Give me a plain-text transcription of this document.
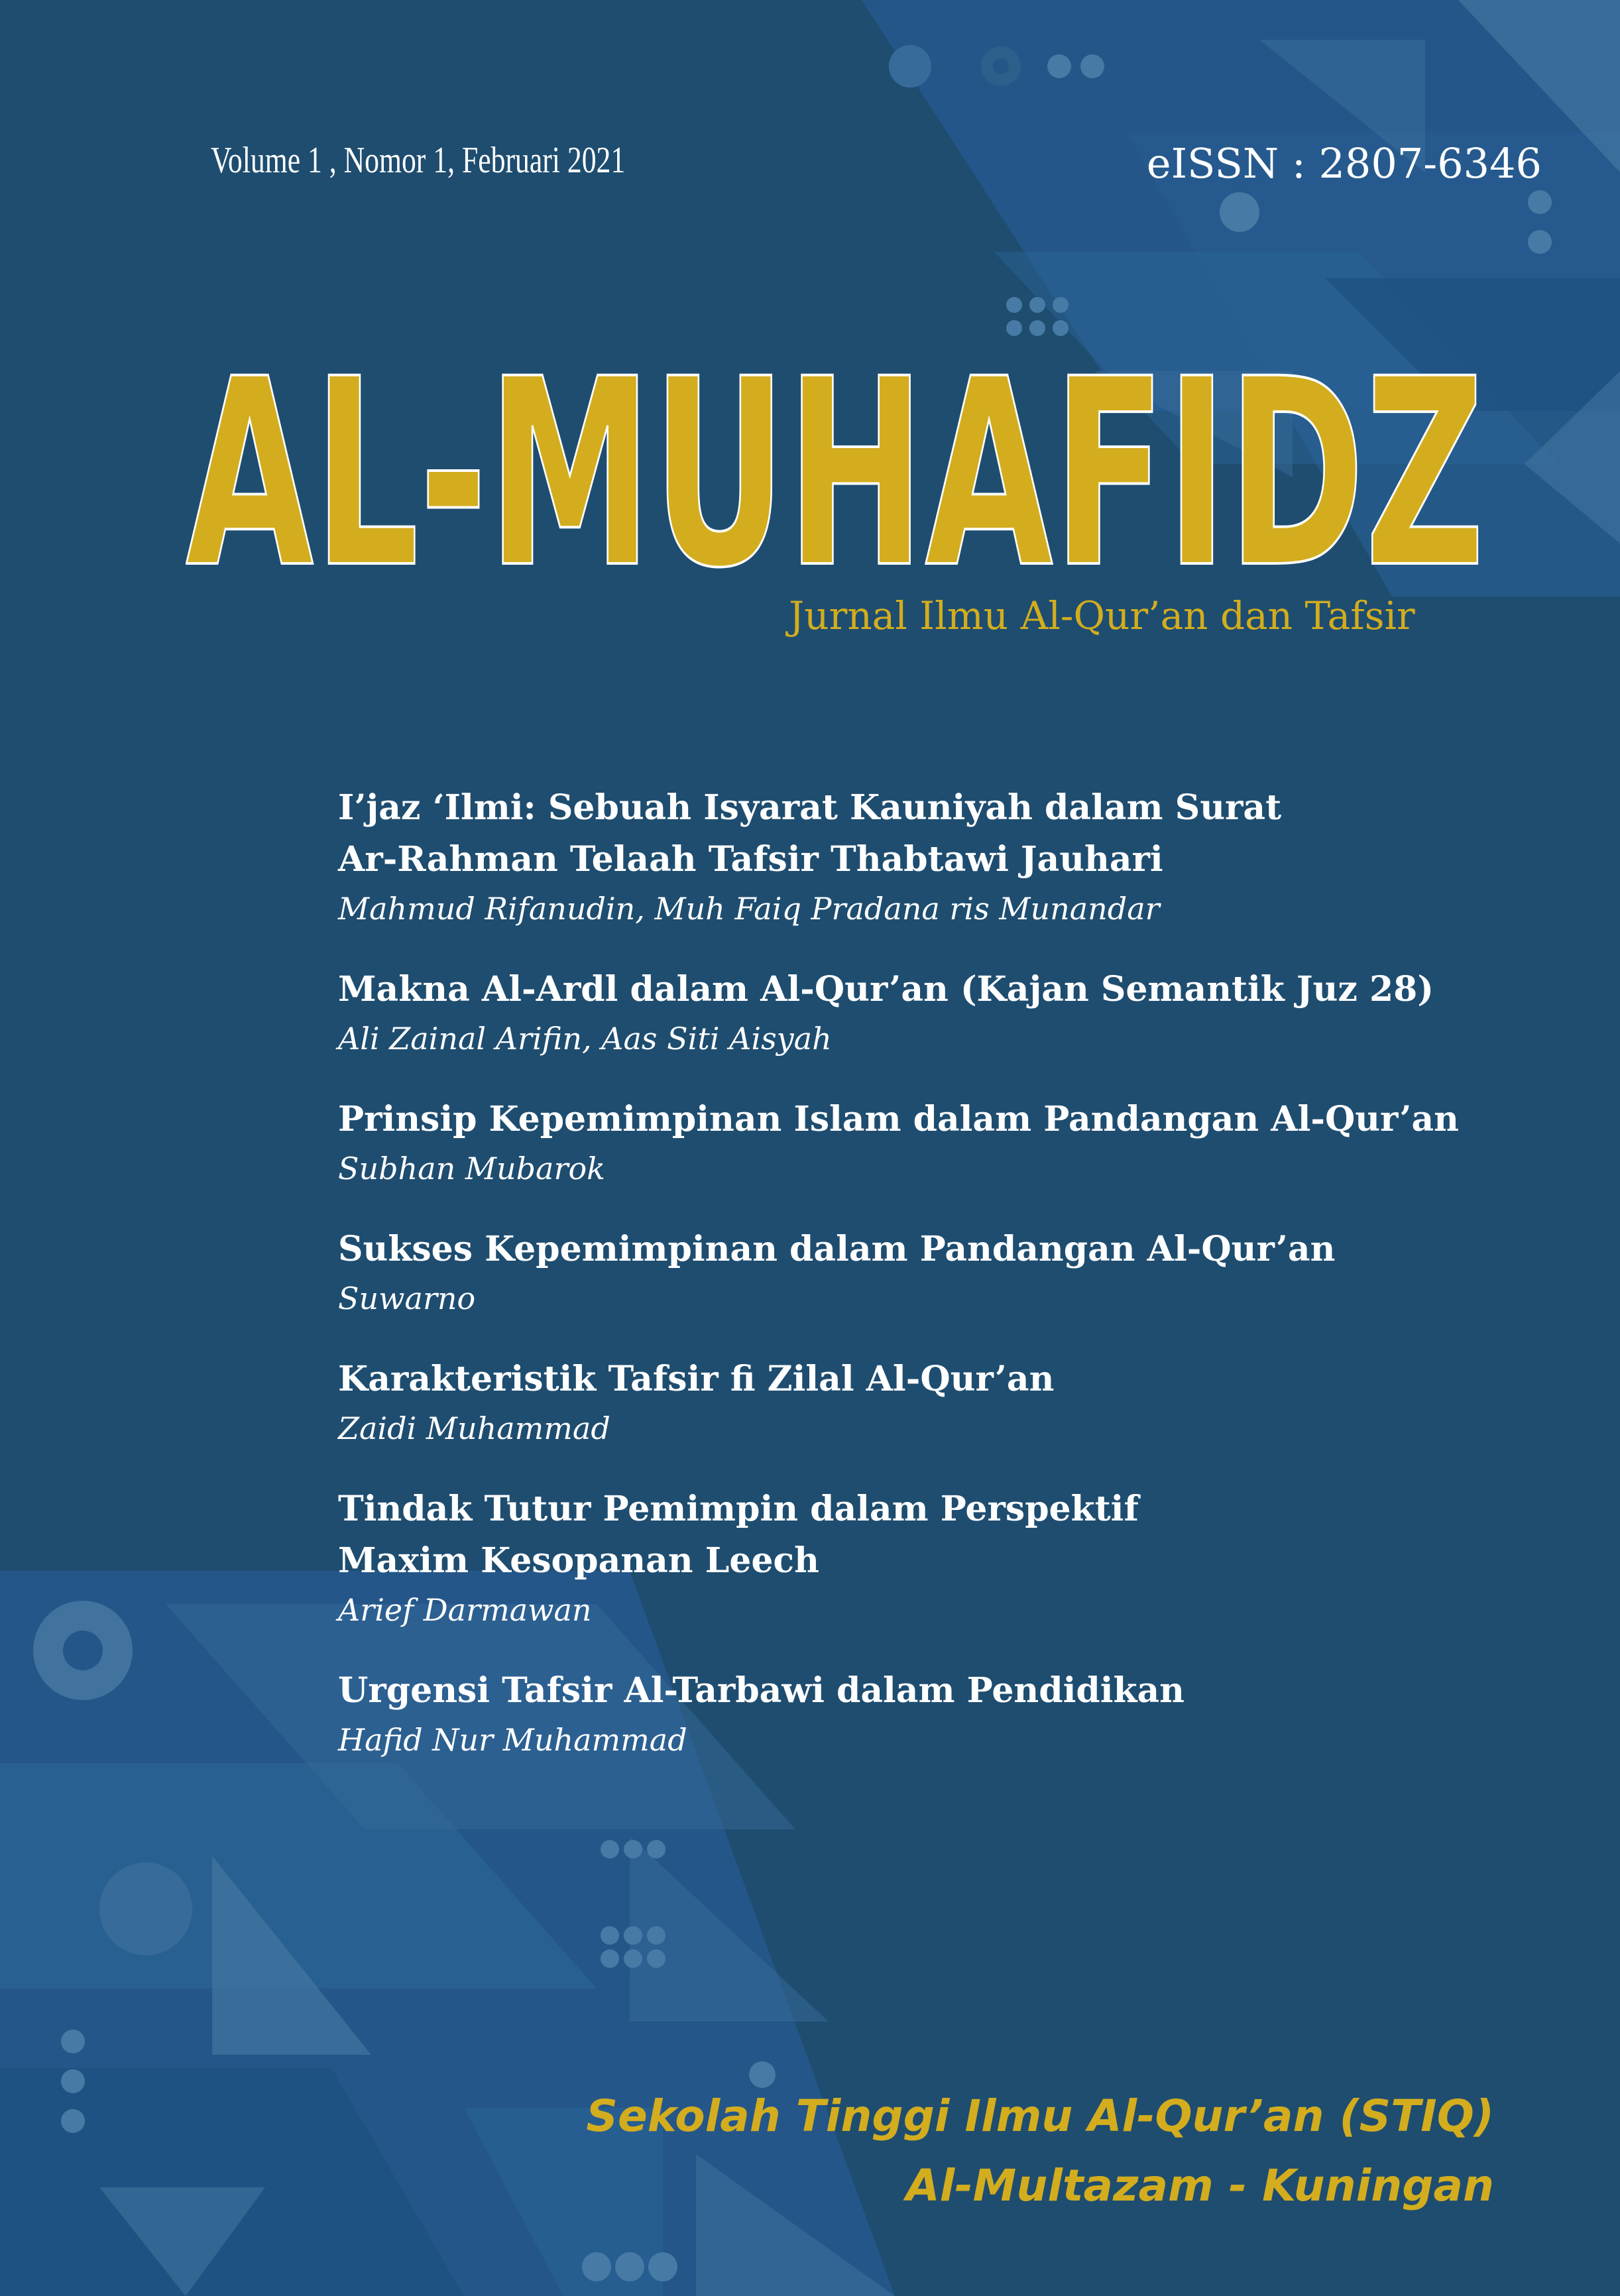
Volume 1 , Nomor 1, Februari 2021	eISSN : 2807-6346
AL-MUHAFIDZ
Jurnal Ilmu Al-Qur’an dan Tafsir
I’jaz ‘Ilmi: Sebuah Isyarat Kauniyah dalam Surat
Ar-Rahman Telaah Tafsir Thabtawi Jauhari
Mahmud Rifanudin, Muh Faiq Pradana ris Munandar
Makna Al-Ardl dalam Al-Qur’an (Kajan Semantik Juz 28)
Ali Zainal Arifin, Aas Siti Aisyah
Prinsip Kepemimpinan Islam dalam Pandangan Al-Qur’an
Subhan Mubarok
Sukses Kepemimpinan dalam Pandangan Al-Qur’an
Suwarno
Karakteristik Tafsir fi Zilal Al-Qur’an
Zaidi Muhammad
Tindak Tutur Pemimpin dalam Perspektif
Maxim Kesopanan Leech
Arief Darmawan
Urgensi Tafsir Al-Tarbawi dalam Pendidikan
Hafid Nur Muhammad
Sekolah Tinggi Ilmu Al-Qur’an (STIQ)
Al-Multazam - Kuningan
